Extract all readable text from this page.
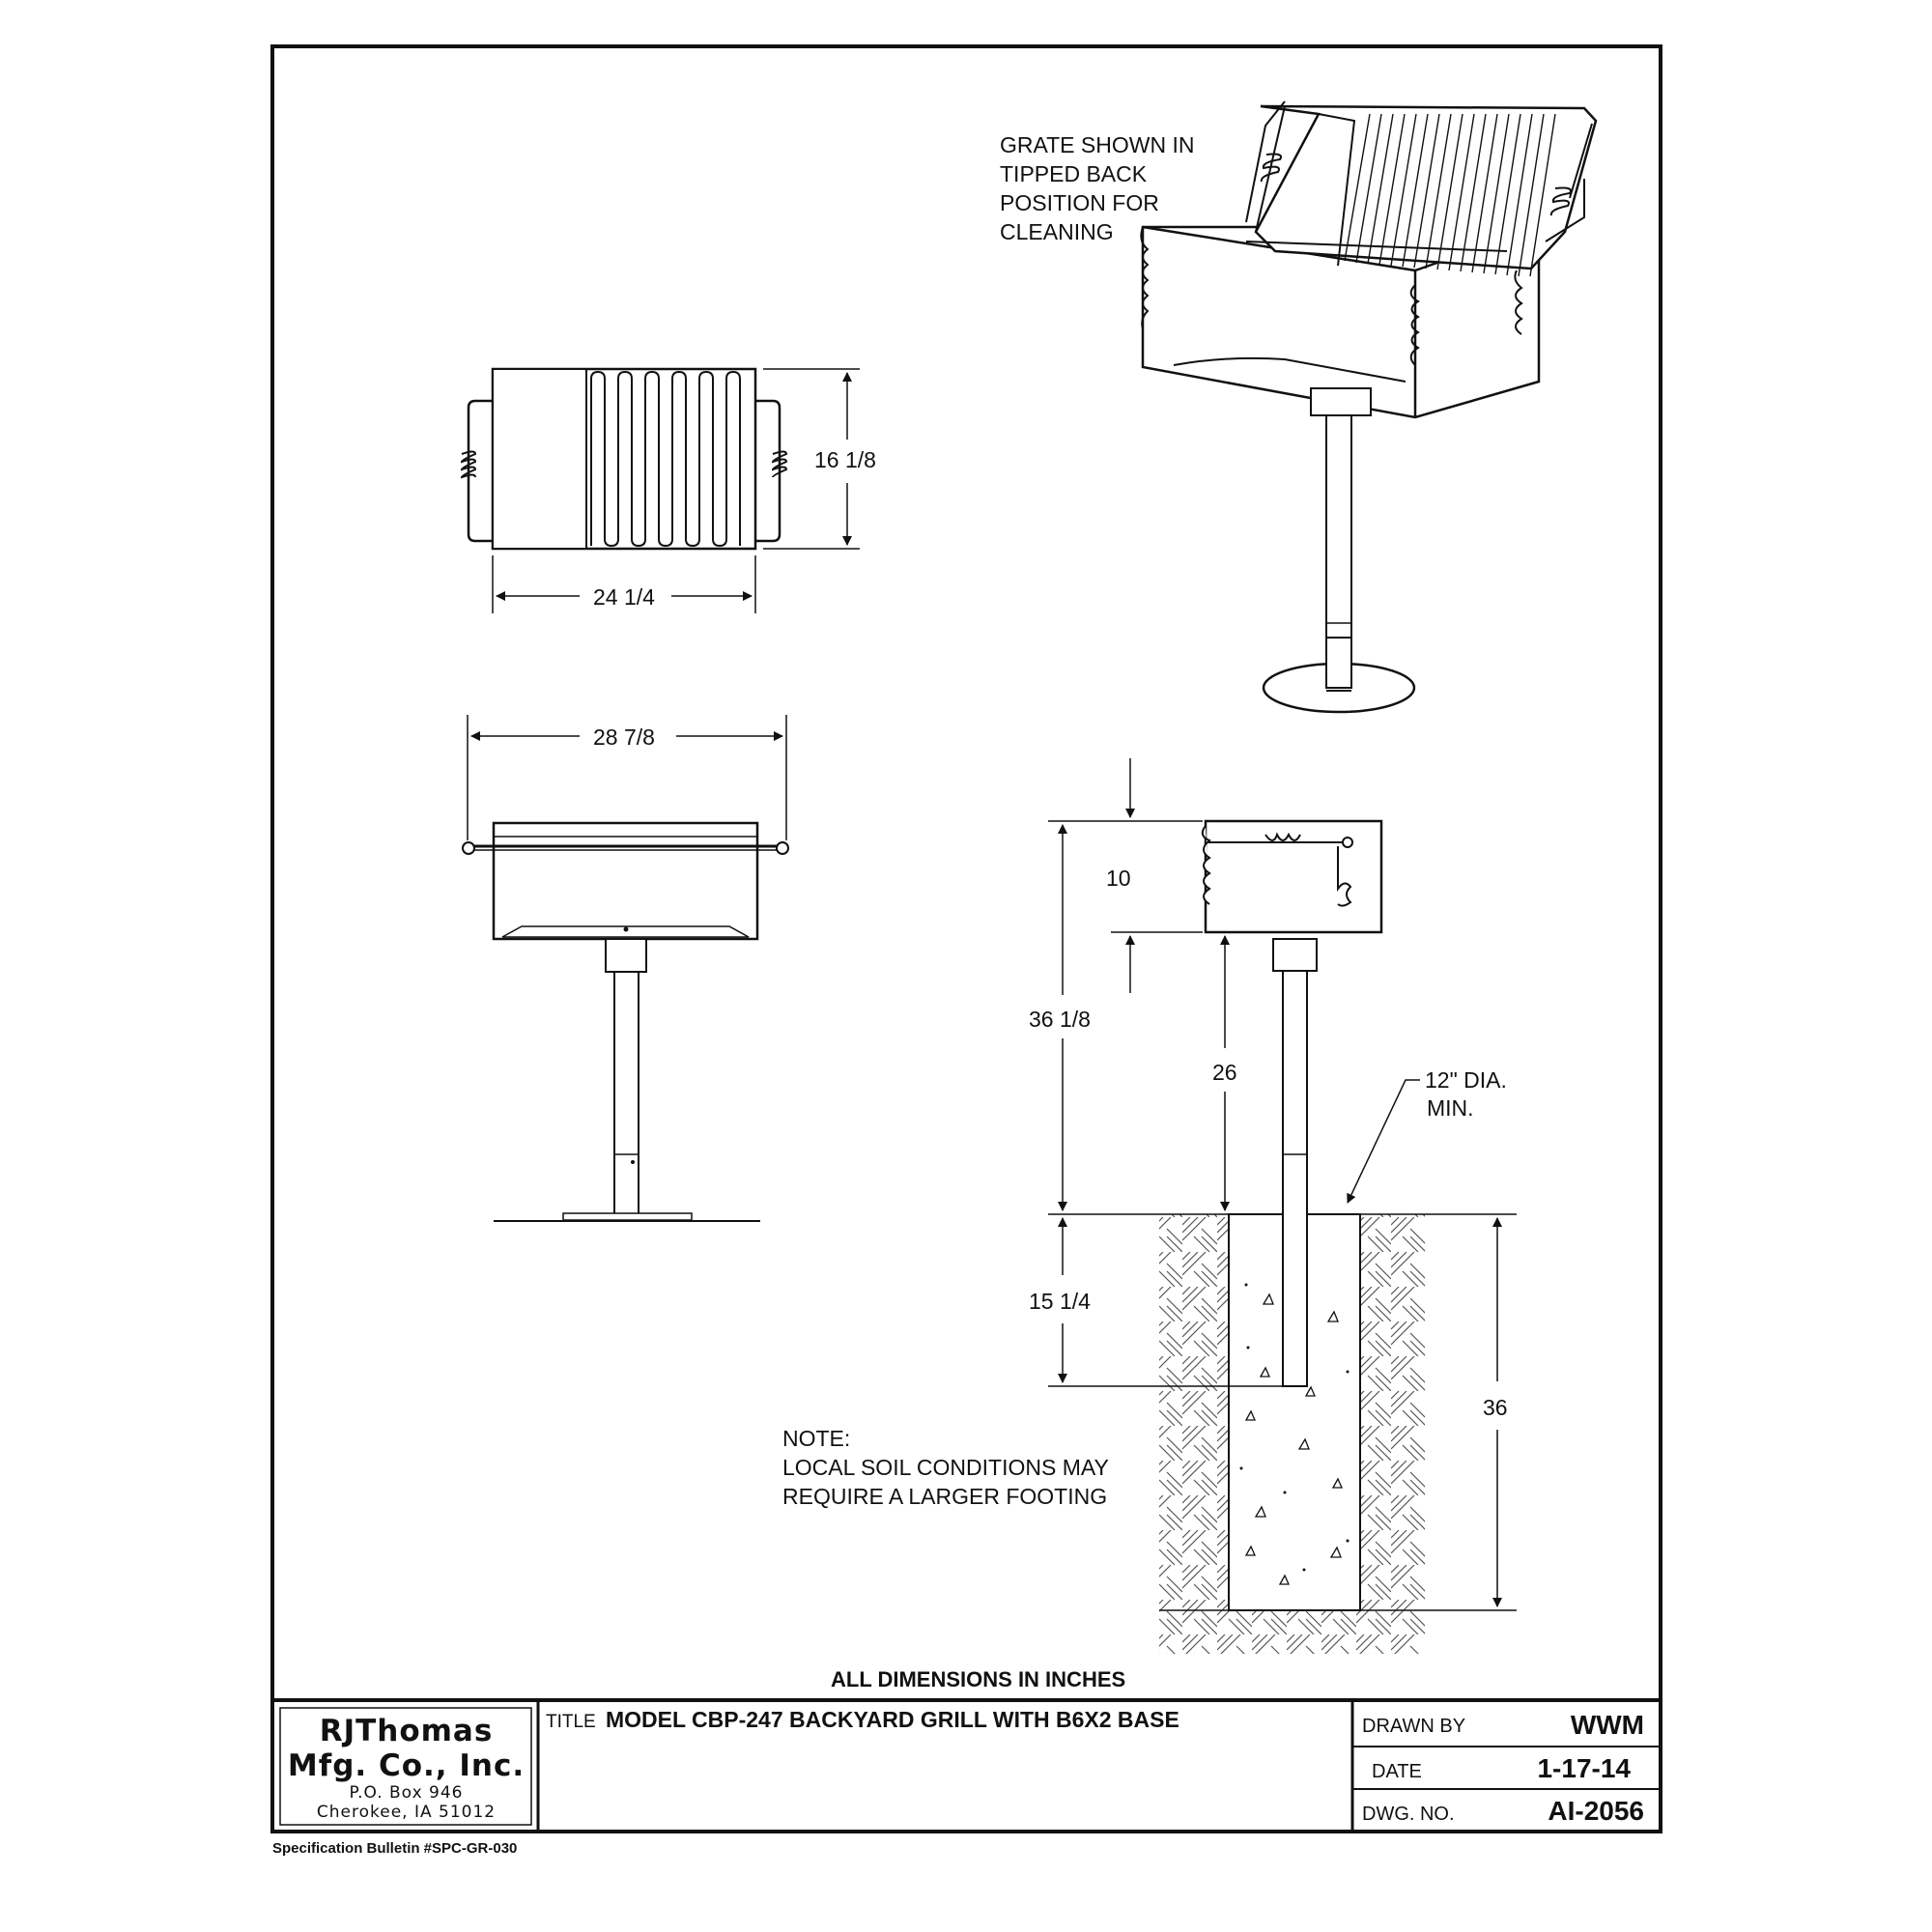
16 1/8
24 1/4
28 7/8
GRATE SHOWN IN
TIPPED BACK
POSITION FOR
CLEANING
10
36 1/8
26
15 1/4
36
12" DIA.
MIN.
NOTE:
LOCAL SOIL CONDITIONS MAY
REQUIRE A LARGER FOOTING
ALL DIMENSIONS IN INCHES
TITLE MODEL CBP-247 BACKYARD GRILL WITH B6X2 BASE	DRAWN BY	WWM
DATE	1-17-14
DWG. NO.	AI-2056
Specification Bulletin #SPC-GR-030
RJThomas
Mfg. Co., Inc.
P.O. Box 946
Cherokee, IA 51012
